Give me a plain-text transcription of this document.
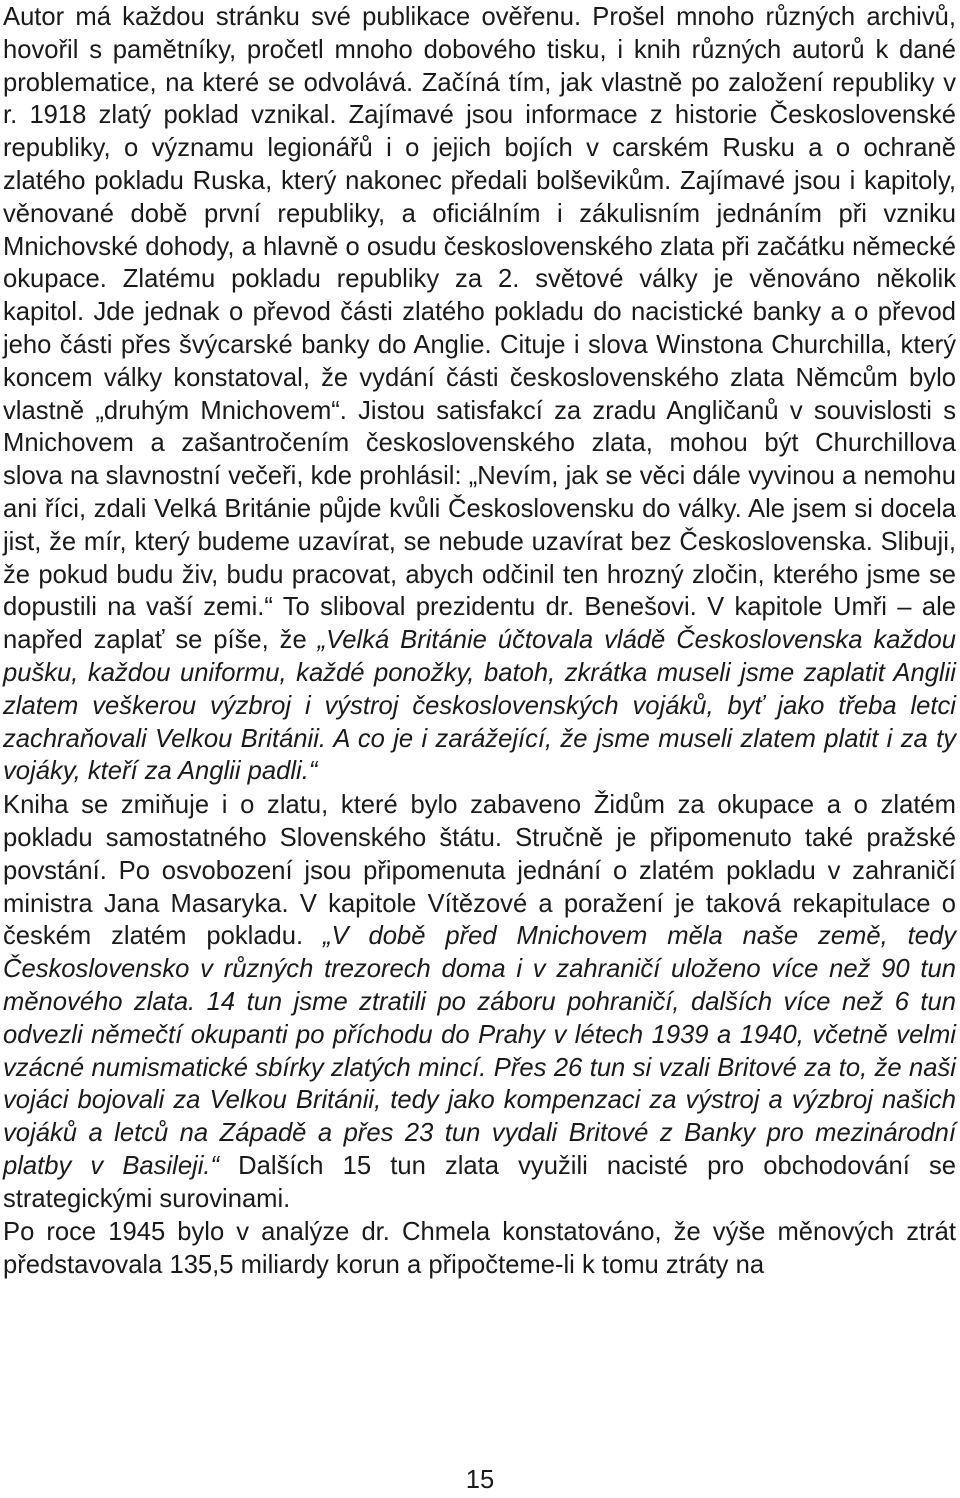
Autor má každou stránku své publikace ověřenu. Prošel mnoho různých archivů, hovořil s pamětníky, pročetl mnoho dobového tisku, i knih různých autorů k dané problematice, na které se odvolává. Začíná tím, jak vlastně po založení republiky v r. 1918 zlatý poklad vznikal. Zajímavé jsou informace z historie Československé republiky, o významu legionářů i o jejich bojích v carském Rusku a o ochraně zlatého pokladu Ruska, který nakonec předali bolševikům. Zajímavé jsou i kapitoly, věnované době první republiky, a oficiálním i zákulisním jednáním při vzniku Mnichovské dohody, a hlavně o osudu československého zlata při začátku německé okupace. Zlatému pokladu republiky za 2. světové války je věnováno několik kapitol. Jde jednak o převod části zlatého pokladu do nacistické banky a o převod jeho části přes švýcarské banky do Anglie. Cituje i slova Winstona Churchilla, který koncem války konstatoval, že vydání části československého zlata Němcům bylo vlastně „druhým Mnichovem“. Jistou satisfakcí za zradu Angličanů v souvislosti s Mnichovem a zašantročením československého zlata, mohou být Churchillova slova na slavnostní večeři, kde prohlásil: „Nevím, jak se věci dále vyvinou a nemohu ani říci, zdali Velká Británie půjde kvůli Československu do války. Ale jsem si docela jist, že mír, který budeme uzavírat, se nebude uzavírat bez Československa. Slibuji, že pokud budu živ, budu pracovat, abych odčinil ten hrozný zločin, kterého jsme se dopustili na vaší zemi.“ To sliboval prezidentu dr. Benešovi. V kapitole Umři – ale napřed zaplať se píše, že „Velká Británie účtovala vládě Československa každou pušku, každou uniformu, každé ponožky, batoh, zkrátka museli jsme zaplatit Anglii zlatem veškerou výzbroj i výstroj československých vojáků, byť jako třeba letci zachraňovali Velkou Británii. A co je i zarážející, že jsme museli zlatem platit i za ty vojáky, kteří za Anglii padli.“

Kniha se zmiňuje i o zlatu, které bylo zabaveno Židům za okupace a o zlatém pokladu samostatného Slovenského štátu. Stručně je připomenuto také pražské povstání. Po osvobození jsou připomenuta jednání o zlatém pokladu v zahraničí ministra Jana Masaryka. V kapitole Vítězové a poražení je taková rekapitulace o českém zlatém pokladu. „V době před Mnichovem měla naše země, tedy Československo v různých trezorech doma i v zahraničí uloženo více než 90 tun měnového zlata. 14 tun jsme ztratili po záboru pohraničí, dalších více než 6 tun odvezli němečtí okupanti po příchodu do Prahy v létech 1939 a 1940, včetně velmi vzácné numismatické sbírky zlatých mincí. Přes 26 tun si vzali Britové za to, že naši vojáci bojovali za Velkou Británii, tedy jako kompenzaci za výstroj a výzbroj našich vojáků a letců na Západě a přes 23 tun vydali Britové z Banky pro mezinárodní platby v Basileji.“ Dalších 15 tun zlata využili nacisté pro obchodování se strategickými surovinami.

Po roce 1945 bylo v analýze dr. Chmela konstatováno, že výše měnových ztrát představovala 135,5 miliardy korun a připočteme-li k tomu ztráty na

15
